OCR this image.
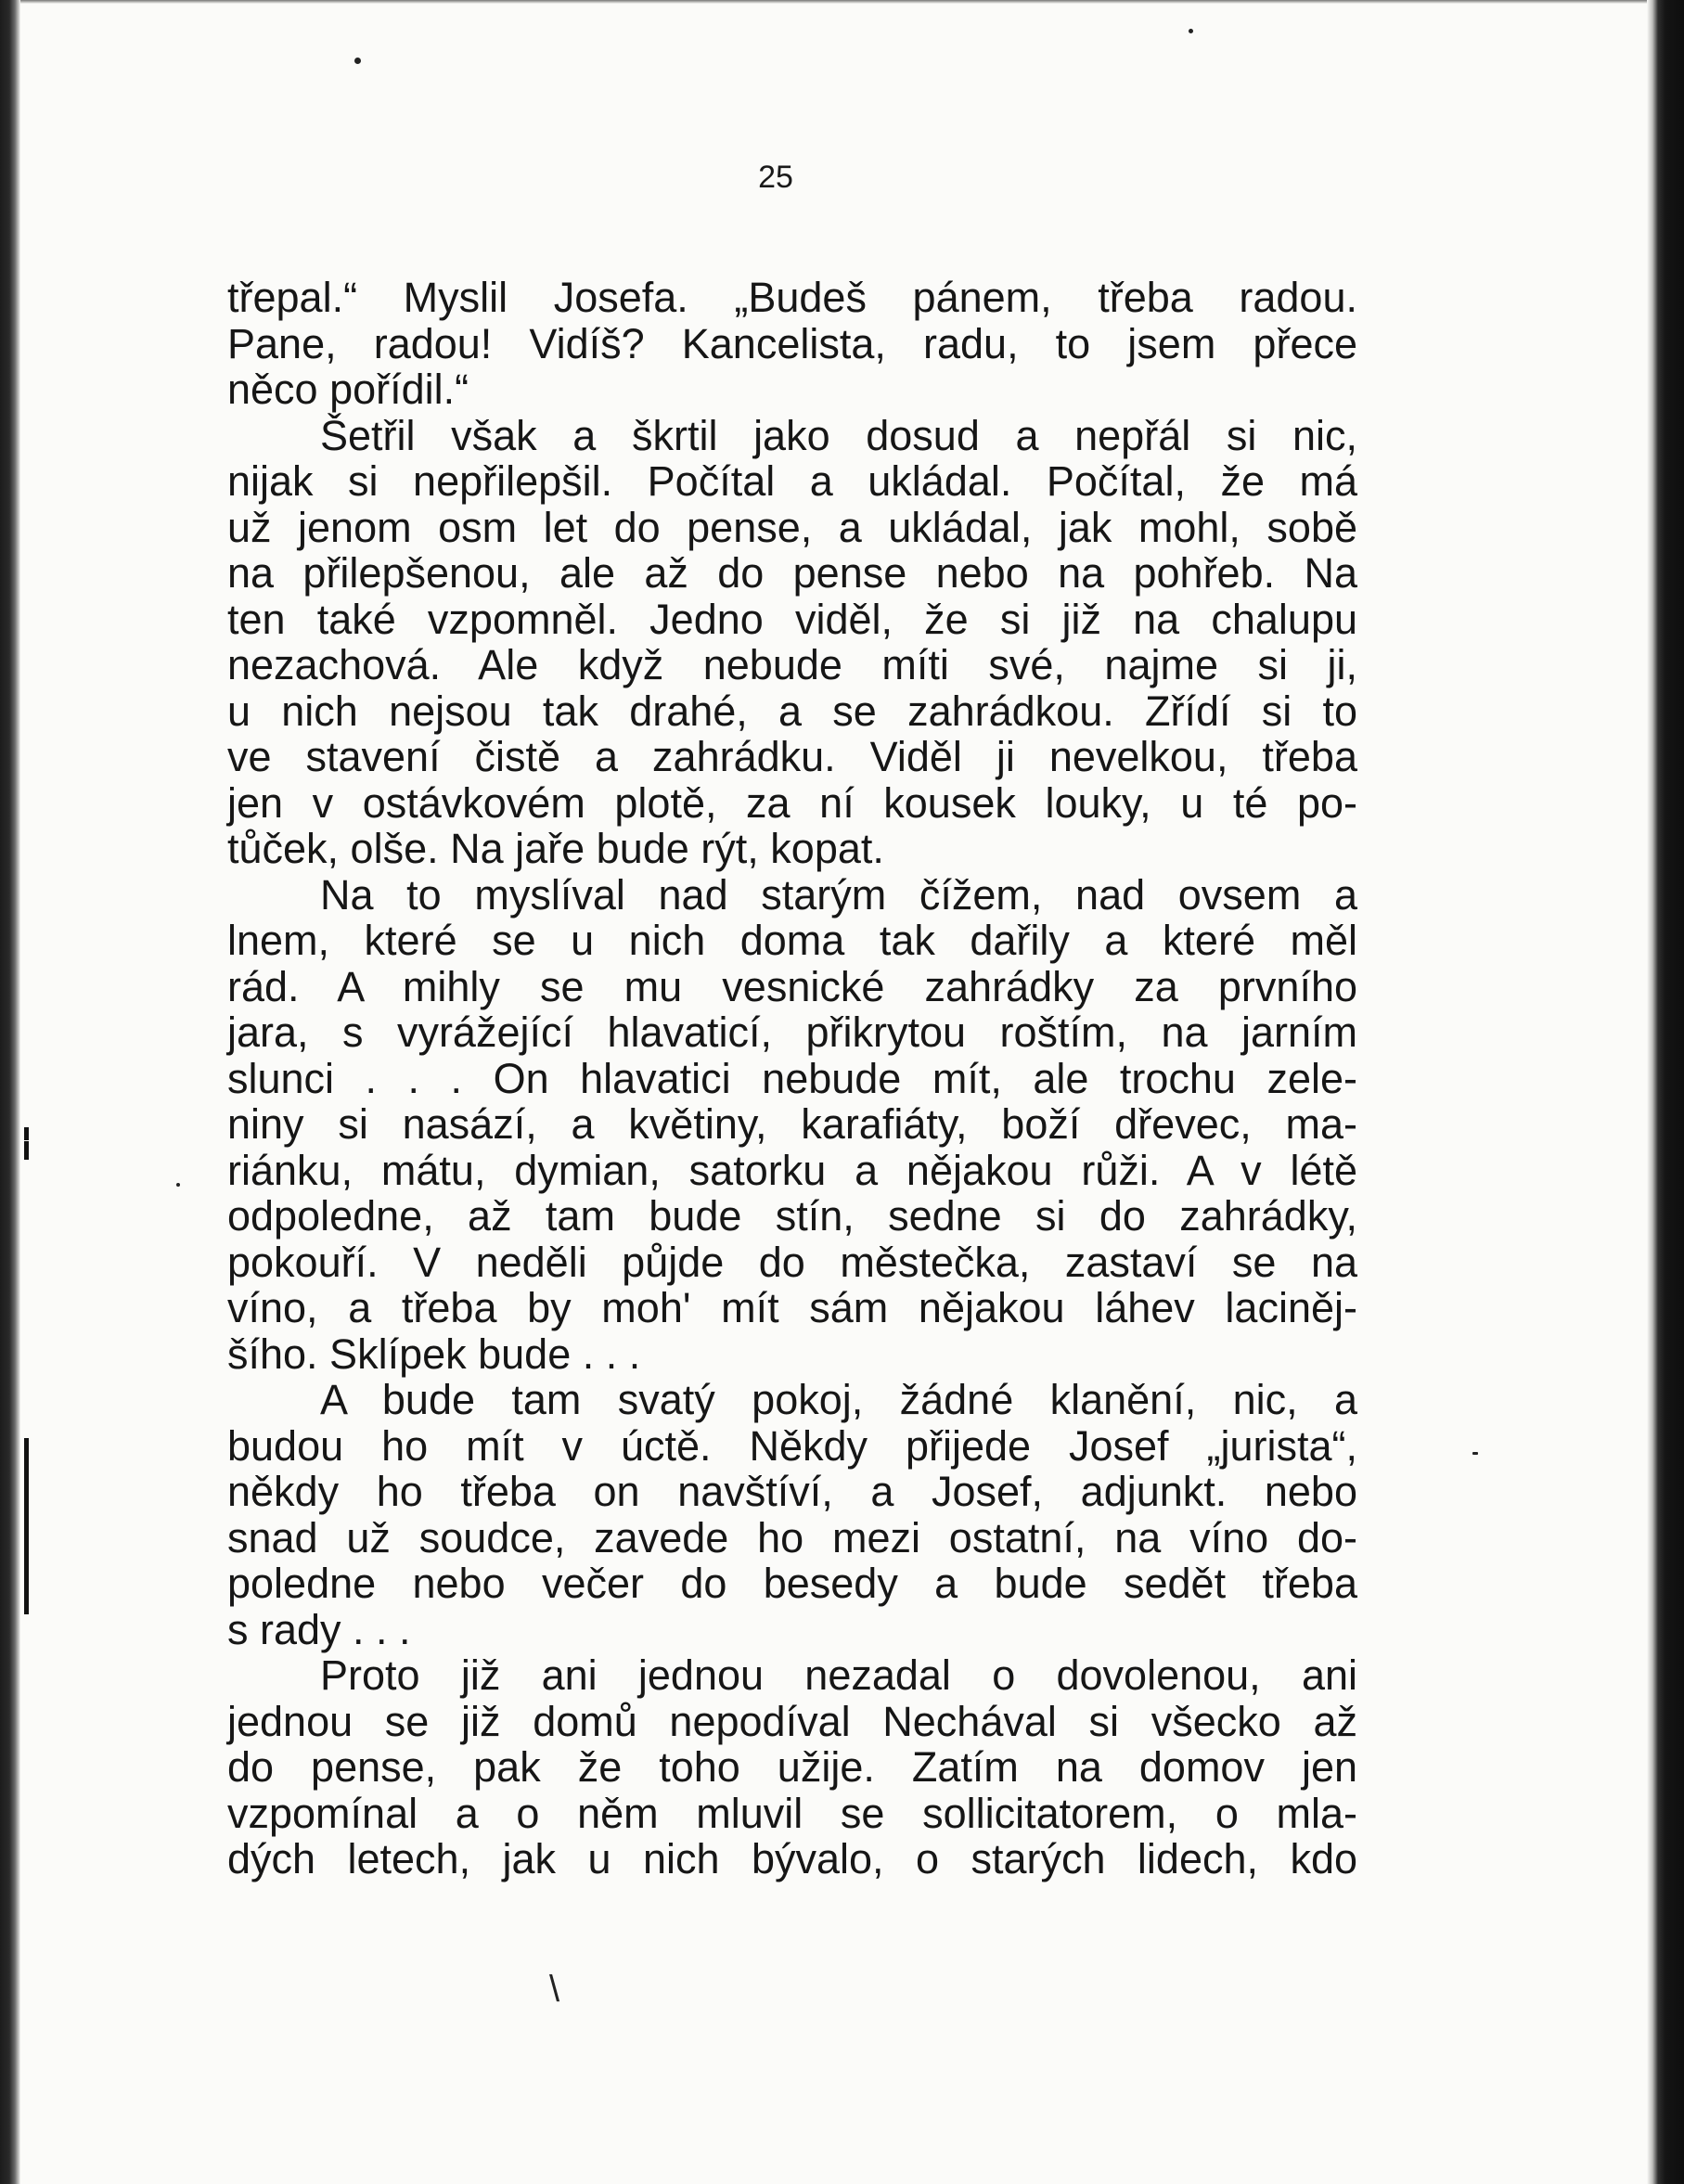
25
třepal.“ Myslil Josefa. „Budeš pánem, třeba radou.
Pane, radou! Vidíš? Kancelista, radu, to jsem přece
něco pořídil.“
Šetřil však a škrtil jako dosud a nepřál si nic,
nijak si nepřilepšil. Počítal a ukládal. Počítal, že má
už jenom osm let do pense, a ukládal, jak mohl, sobě
na přilepšenou, ale až do pense nebo na pohřeb. Na
ten také vzpomněl. Jedno viděl, že si již na chalupu
nezachová. Ale když nebude míti své, najme si ji,
u nich nejsou tak drahé, a se zahrádkou. Zřídí si to
ve stavení čistě a zahrádku. Viděl ji nevelkou, třeba
jen v ostávkovém plotě, za ní kousek louky, u té po-
tůček, olše. Na jaře bude rýt, kopat.
Na to myslíval nad starým čížem, nad ovsem a
lnem, které se u nich doma tak dařily a které měl
rád. A mihly se mu vesnické zahrádky za prvního
jara, s vyrážející hlavaticí, přikrytou roštím, na jarním
slunci . . . On hlavatici nebude mít, ale trochu zele-
niny si nasází, a květiny, karafiáty, boží dřevec, ma-
riánku, mátu, dymian, satorku a nějakou růži. A v létě
odpoledne, až tam bude stín, sedne si do zahrádky,
pokouří. V neděli půjde do městečka, zastaví se na
víno, a třeba by moh' mít sám nějakou láhev laciněj-
šího. Sklípek bude . . .
A bude tam svatý pokoj, žádné klanění, nic, a
budou ho mít v úctě. Někdy přijede Josef „jurista“,
někdy ho třeba on navštíví, a Josef, adjunkt. nebo
snad už soudce, zavede ho mezi ostatní, na víno do-
poledne nebo večer do besedy a bude sedět třeba
s rady . . .
Proto již ani jednou nezadal o dovolenou, ani
jednou se již domů nepodíval Nechával si všecko až
do pense, pak že toho užije. Zatím na domov jen
vzpomínal a o něm mluvil se sollicitatorem, o mla-
dých letech, jak u nich bývalo, o starých lidech, kdo
\
